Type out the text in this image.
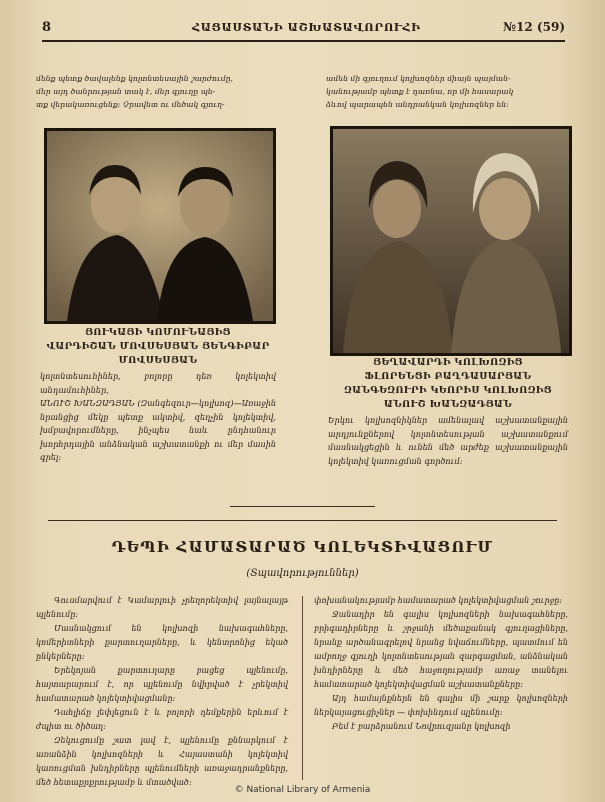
8	ՀԱՑԱՍՏԱՆԻ ԱՇԽԱՏԱՎՈՐՈՒՀԻ	№12 (59)
մենք պետք ծավալենք կոլտնտեսային շարժումը,
մեր այդ ծանրության տակ է, մեր գյուղը պե-
տք վերակառուցենք։ Չրավետ ու մեծակ գյուղ-
ամեն մի գյուղում կոլխոզներ միայն պայման-
կանությամբ պետք է դառնա, որ մի հասարակ
ձևով պարապեն անդրանկան կոլխոզներ են։
ՅՈՒԿԱՅԻ ԿՈՄՈՒՆԱՅԻՑ
ՎԱՐԴԻՇԱՆ ՄՈՎՍԵՍՅԱՆ ՅԵՆԳԻԲԱՐ
ՄՈՎՍԵՍՅԱՆ
կոլտնտեսուհիներ, բոլորը դեռ կոլեկտիվ անդամուհիներ,
ԱՆՈՒՇ ԽԱՆԶԱԴՅԱՆ (Զանգեզուր—կոլխոզ)—Առաջին նրանցից մեկը պետք ակտիվ, զեղչին կոլեկտիվ, խմբավորումները, ինչպես նաև ընդհանուր խորհրդային անձնական աշխատանքի ու մեր մասին գրել։
ՅԵՂԱՎԱՐԴԻ ԿՈԼԽՈԶԻՑ
ՖԼՈՐԵՆՑԻ ԲԱՂԴԱՍԱՐՅԱՆ
ԶԱՆԳԵԶՈՒՐԻ ԿԵՈՐԻՍ ԿՈԼԽՈԶԻՑ
ԱՆՈՒՇ ԽԱՆԶԱԴՅԱՆ
Երկու կոլխոզնիկներ ամենալավ աշխատանքային արդյունքներով կոլտնտեսության աշխատանքում մասնակցեցին և ունեն մեծ արժեք աշխատանքային կոլեկտիվ կառուցման գործում։
ԴԵՊԻ ՀԱՄԱՏԱՐԱԾ ԿՈԼԵԿՏԻՎԱՑՈՒՄ
(Տպավորություններ)

Գուսմարվում է Կամարլուի չրեղորեկտիվ լայնալայթ պլենումը։

Մասնակցում են կոլխոզի նախագահները, կոմերիտների քարտուղարները, և կենտրոնից եկած ընկերները։

Երեկոյան քարտուղարը բացեց պլենումը, հայտարարում է, որ պլենումը նվիրված է չրեկտիվ համատարած կոլեկտիվացմանը։

Դահլիճը լեփլեցուն է և բոլորի դեմքերին երևում է ժպիտ ու ծիծաղ։

Զեկուցումը շատ լավ է, պլենումը քննարկում է առանձին կոլխոզների և Հայաստանի կոլեկտիվ կառուցման խնդիրները պլենումների առաջադրանքները, մեծ հետաքրքրությամբ և մտածված։

փոխանակությամբ համատարած կոլեկտիվացման շուրջը։

Ջանադիր են գալիս կոլխոզների նախագահները, բրիգադիրները և շրջանի մեծաքանակ գյուղացիները, նրանք արծանագրելով նրանց նվաճումները, պատմում են ամբողջ գյուղի կոլտնտեսության զարգացման, անձնական խնդիրները և մեծ հաջողությամբ առաջ տանելու համատարած կոլեկտիվացման աշխատանքները։

Այդ համայնքներն են գալիս մի շարք կոլխոզների ներկայացուցիչներ — փոխինդում պլենումը։

Բեմ է բարձրանում Նովրուզյանը կոլխոզի

© National Library of Armenia
